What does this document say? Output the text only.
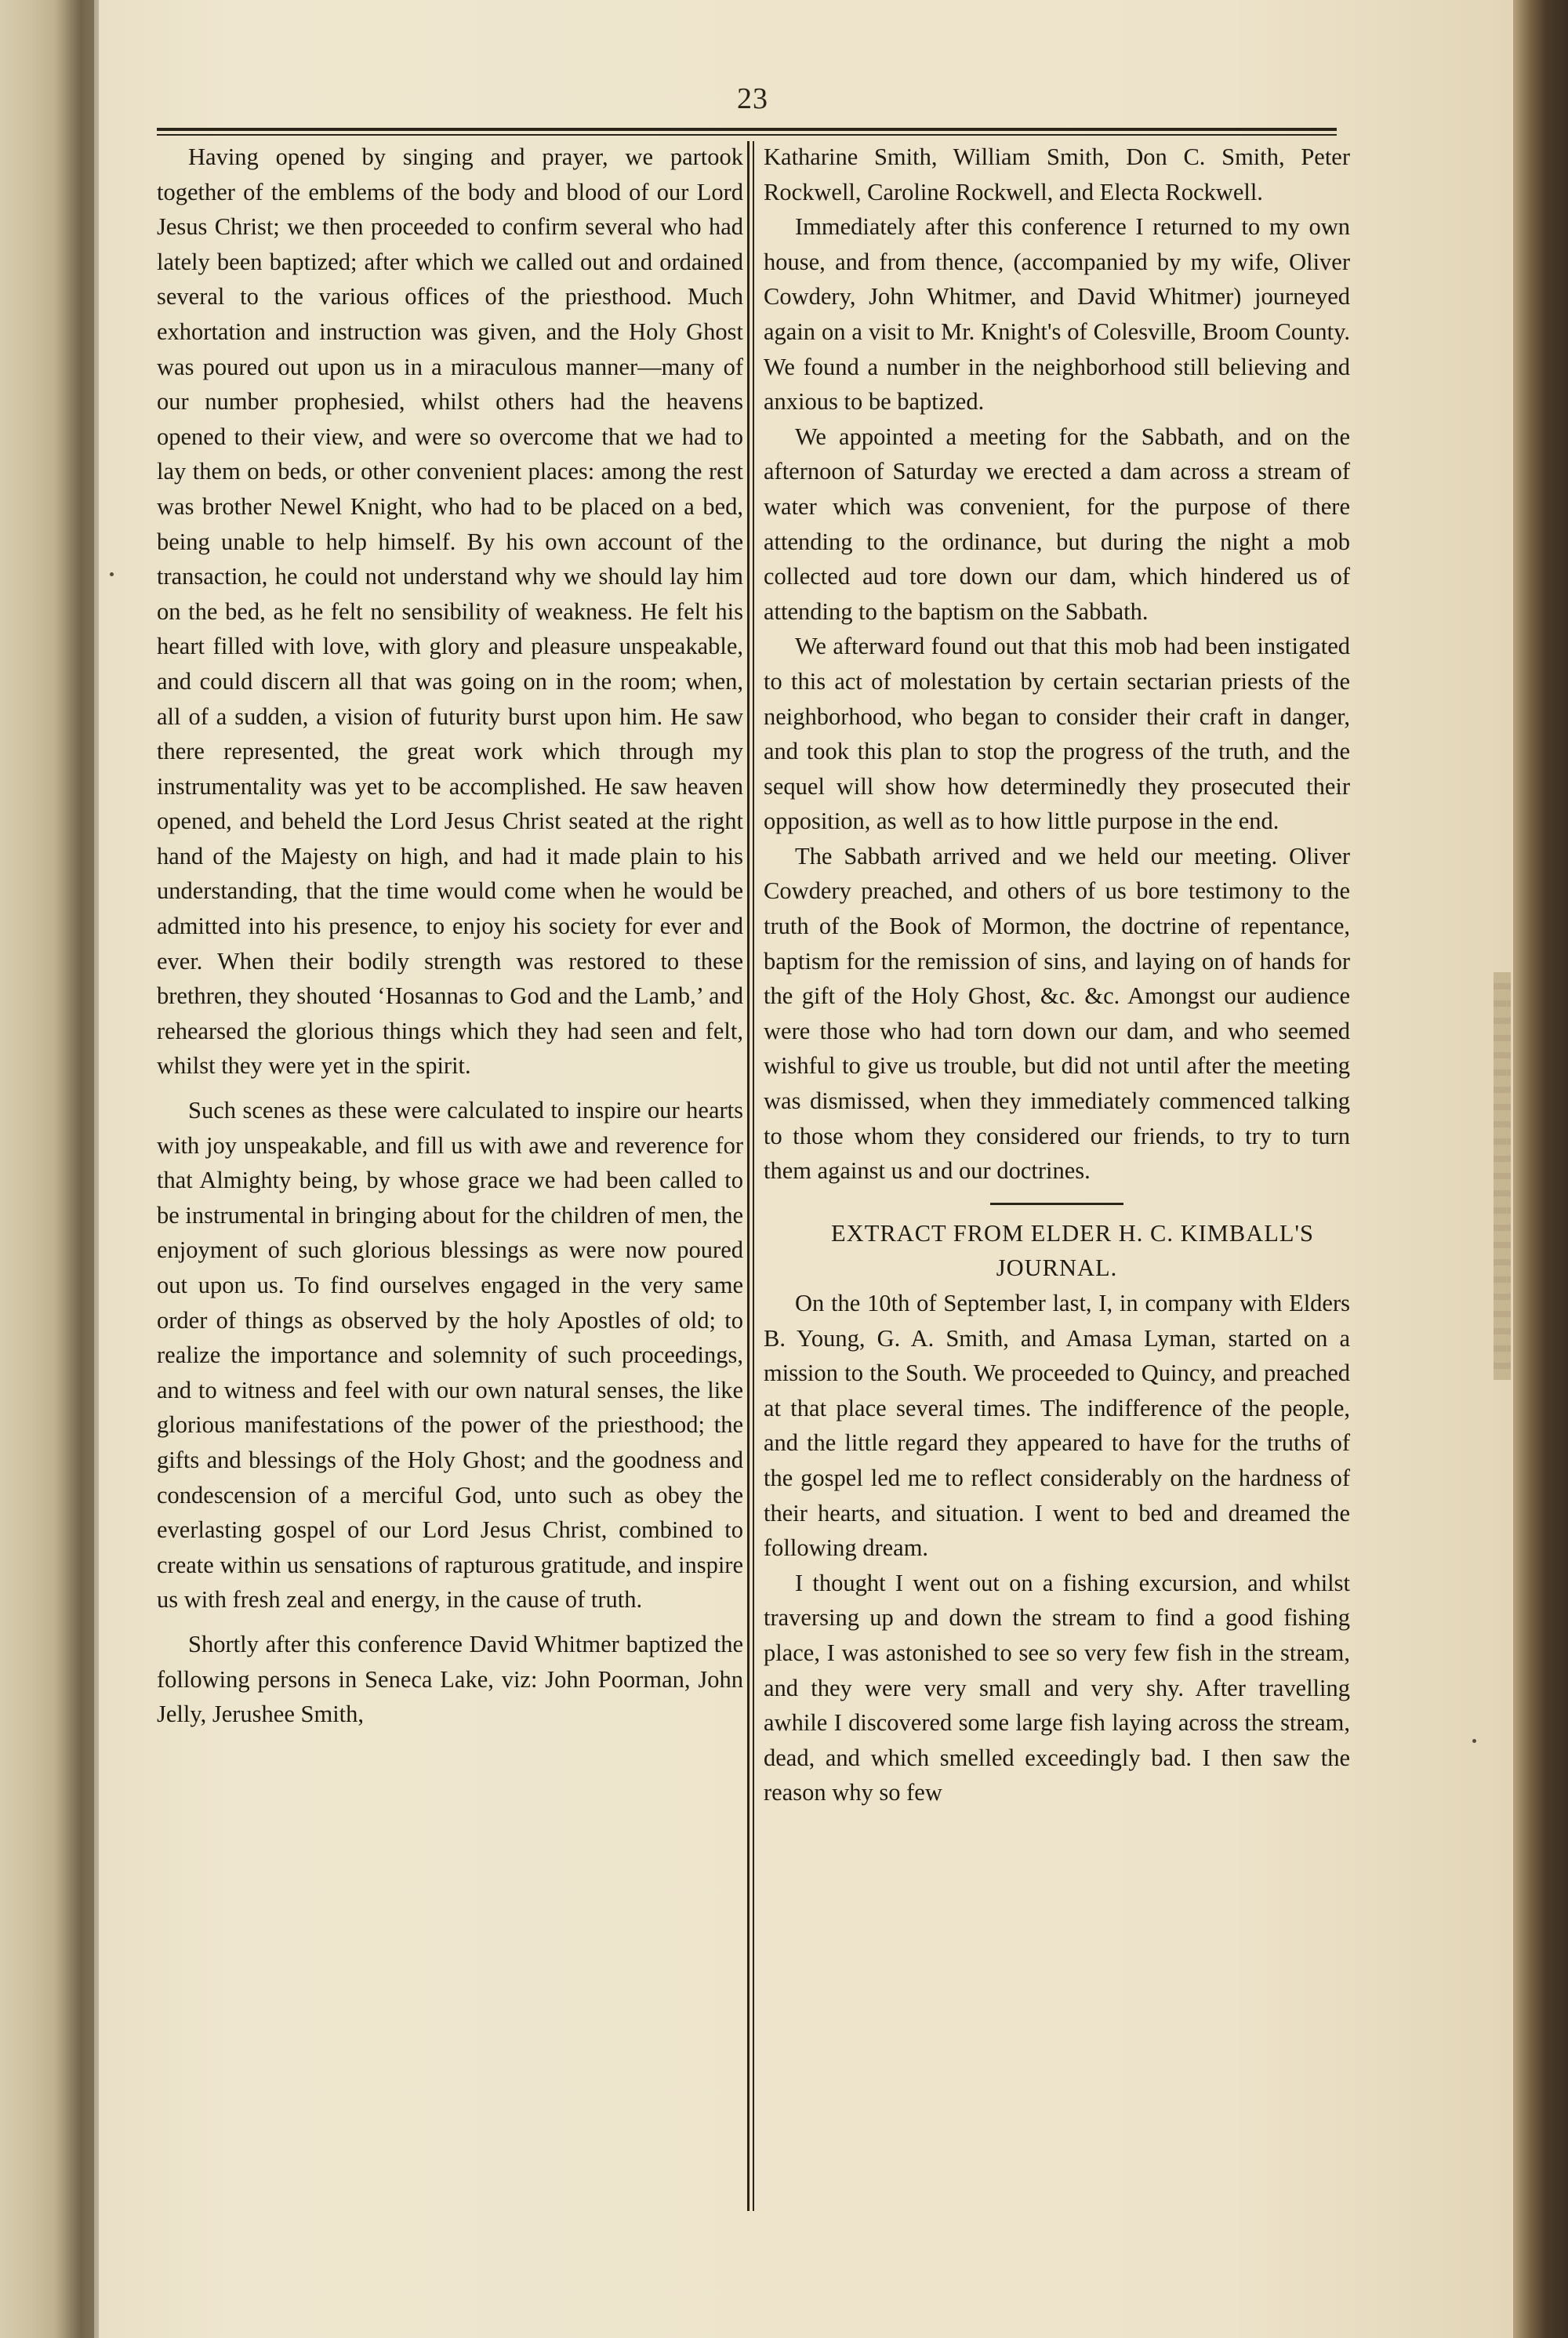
23

Having opened by singing and prayer, we partook together of the emblems of the body and blood of our Lord Jesus Christ; we then proceeded to confirm several who had lately been baptized; after which we called out and ordained several to the various offices of the priesthood. Much exhortation and instruction was given, and the Holy Ghost was poured out upon us in a miraculous manner—many of our number prophesied, whilst others had the heavens opened to their view, and were so overcome that we had to lay them on beds, or other convenient places: among the rest was brother Newel Knight, who had to be placed on a bed, being unable to help himself. By his own account of the transaction, he could not understand why we should lay him on the bed, as he felt no sensibility of weakness. He felt his heart filled with love, with glory and pleasure unspeakable, and could discern all that was going on in the room; when, all of a sudden, a vision of futurity burst upon him. He saw there represented, the great work which through my instrumentality was yet to be accomplished. He saw heaven opened, and beheld the Lord Jesus Christ seated at the right hand of the Majesty on high, and had it made plain to his understanding, that the time would come when he would be admitted into his presence, to enjoy his society for ever and ever. When their bodily strength was restored to these brethren, they shouted ‘Hosannas to God and the Lamb,’ and rehearsed the glorious things which they had seen and felt, whilst they were yet in the spirit.

Such scenes as these were calculated to inspire our hearts with joy unspeakable, and fill us with awe and reverence for that Almighty being, by whose grace we had been called to be instrumental in bringing about for the children of men, the enjoyment of such glorious blessings as were now poured out upon us. To find ourselves engaged in the very same order of things as observed by the holy Apostles of old; to realize the importance and solemnity of such proceedings, and to witness and feel with our own natural senses, the like glorious manifestations of the power of the priesthood; the gifts and blessings of the Holy Ghost; and the goodness and condescension of a merciful God, unto such as obey the everlasting gospel of our Lord Jesus Christ, combined to create within us sensations of rapturous gratitude, and inspire us with fresh zeal and energy, in the cause of truth.

Shortly after this conference David Whitmer baptized the following persons in Seneca Lake, viz: John Poorman, John Jelly, Jerushee Smith,

Katharine Smith, William Smith, Don C. Smith, Peter Rockwell, Caroline Rockwell, and Electa Rockwell.

Immediately after this conference I returned to my own house, and from thence, (accompanied by my wife, Oliver Cowdery, John Whitmer, and David Whitmer) journeyed again on a visit to Mr. Knight's of Colesville, Broom County. We found a number in the neighborhood still believing and anxious to be baptized.

We appointed a meeting for the Sabbath, and on the afternoon of Saturday we erected a dam across a stream of water which was convenient, for the purpose of there attending to the ordinance, but during the night a mob collected aud tore down our dam, which hindered us of attending to the baptism on the Sabbath.

We afterward found out that this mob had been instigated to this act of molestation by certain sectarian priests of the neighborhood, who began to consider their craft in danger, and took this plan to stop the progress of the truth, and the sequel will show how determinedly they prosecuted their opposition, as well as to how little purpose in the end.

The Sabbath arrived and we held our meeting. Oliver Cowdery preached, and others of us bore testimony to the truth of the Book of Mormon, the doctrine of repentance, baptism for the remission of sins, and laying on of hands for the gift of the Holy Ghost, &c. &c. Amongst our audience were those who had torn down our dam, and who seemed wishful to give us trouble, but did not until after the meeting was dismissed, when they immediately commenced talking to those whom they considered our friends, to try to turn them against us and our doctrines.

EXTRACT FROM ELDER H. C. KIMBALL'S JOURNAL.

On the 10th of September last, I, in company with Elders B. Young, G. A. Smith, and Amasa Lyman, started on a mission to the South. We proceeded to Quincy, and preached at that place several times. The indifference of the people, and the little regard they appeared to have for the truths of the gospel led me to reflect considerably on the hardness of their hearts, and situation. I went to bed and dreamed the following dream.

I thought I went out on a fishing excursion, and whilst traversing up and down the stream to find a good fishing place, I was astonished to see so very few fish in the stream, and they were very small and very shy. After travelling awhile I discovered some large fish laying across the stream, dead, and which smelled exceedingly bad. I then saw the reason why so few
